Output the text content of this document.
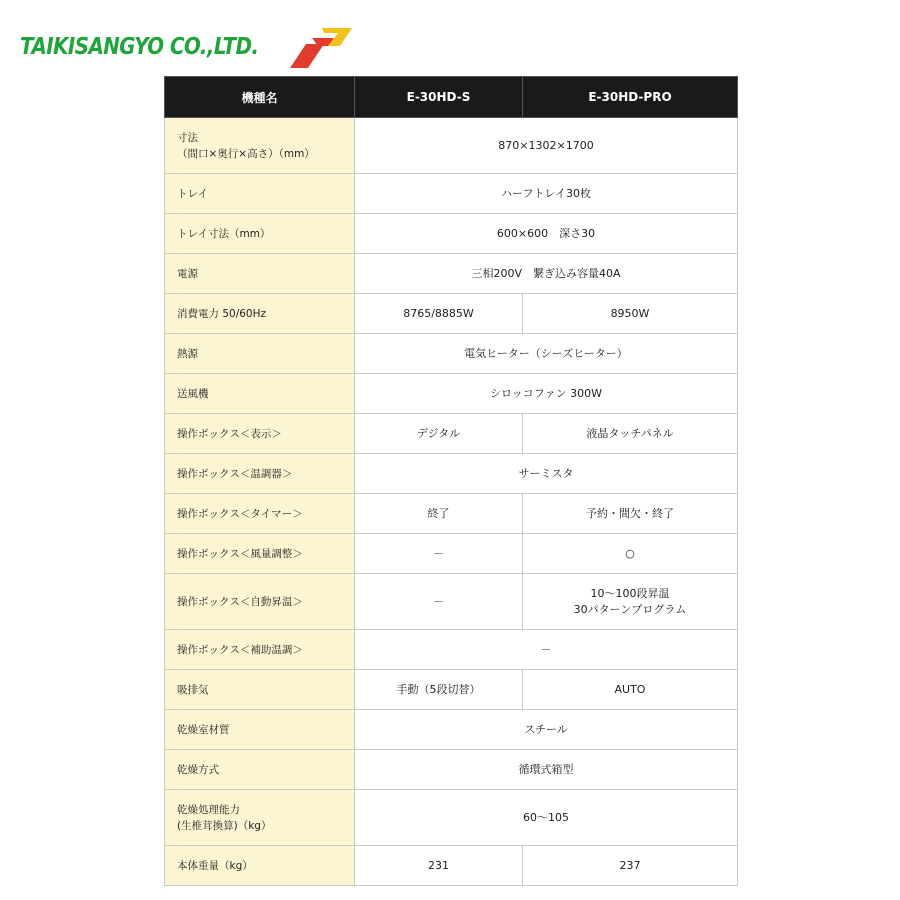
TAIKISANGYO CO.,LTD.
機種名	E-30HD-S	E-30HD-PRO

寸法
（間口×奥行×高さ）（mm）	870×1302×1700	
トレイ	ハーフトレイ30枚	
トレイ寸法（mm）	600×600　深さ30	
電源	三相200V　繋ぎ込み容量40A	
消費電力 50/60Hz	8765/8885W	8950W
熱源	電気ヒーター（シーズヒーター）	
送風機	シロッコファン 300W	
操作ボックス＜表示＞	デジタル	液晶タッチパネル
操作ボックス＜温調器＞	サーミスタ	
操作ボックス＜タイマー＞	終了	予約・間欠・終了
操作ボックス＜風量調整＞	－	○
操作ボックス＜自動昇温＞	－	10〜100段昇温
30パターンプログラム

操作ボックス＜補助温調＞	－	
吸排気	手動（5段切替）	AUTO
乾燥室材質	スチール	
乾燥方式	循環式箱型	

乾燥処理能力
(生椎茸換算)（kg）	60〜105	
本体重量（kg）	231	237
